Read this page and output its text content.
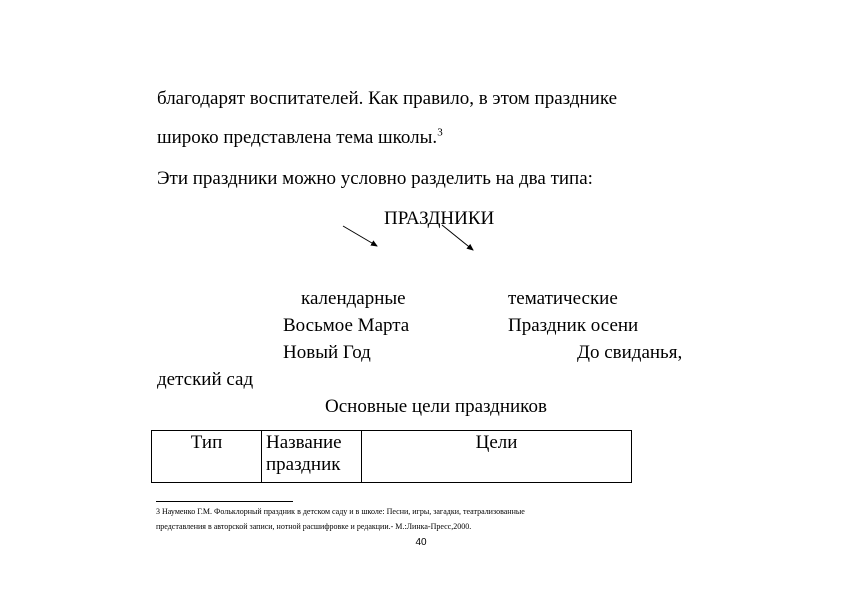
благодарят воспитателей. Как правило, в этом празднике
широко представлена тема школы.$^3$
Эти праздники можно условно разделить на два типа:
ПРАЗДНИКИ
календарные	тематические
Восьмое Марта	Праздник осени
Новый Год	До свиданья,
детский сад
Основные цели праздников
Тип	Название праздник	Цели
3 Науменко Г.М. Фольклорный праздник в детском саду и в школе: Песни, игры, загадки, театрализованные
представления в авторской записи, нотной расшифровке и редакции.- М.:Линка-Пресс,2000.
40
